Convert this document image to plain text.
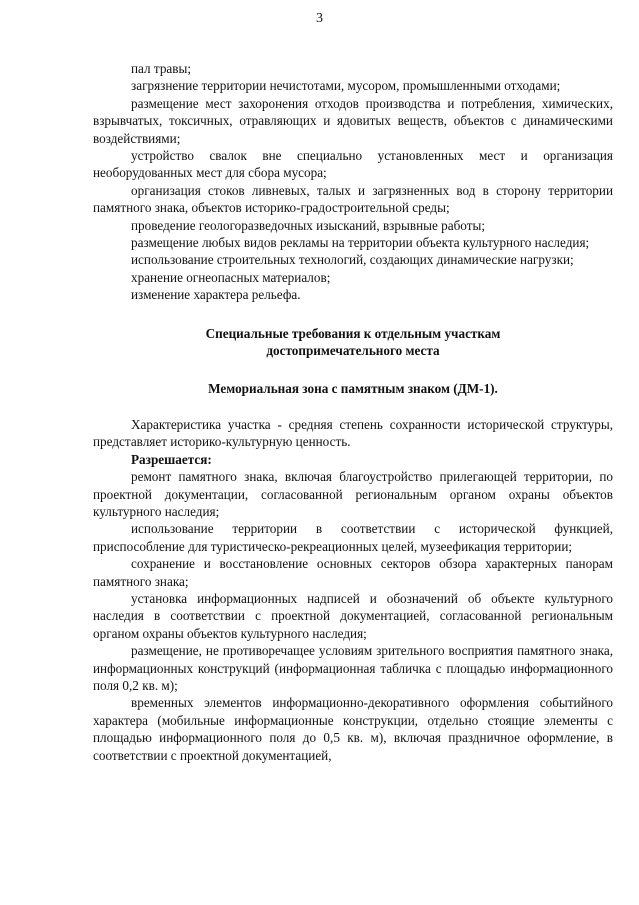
3

пал травы;

загрязнение территории нечистотами, мусором, промышленными отходами;

размещение мест захоронения отходов производства и потребления, химических, взрывчатых, токсичных, отравляющих и ядовитых веществ, объектов с динамическими воздействиями;

устройство свалок вне специально установленных мест и организация необорудованных мест для сбора мусора;

организация стоков ливневых, талых и загрязненных вод в сторону территории памятного знака, объектов историко-градостроительной среды;

проведение геологоразведочных изысканий, взрывные работы;

размещение любых видов рекламы на территории объекта культурного наследия;

использование строительных технологий, создающих динамические нагрузки;

хранение огнеопасных материалов;

изменение характера рельефа.

Специальные требования к отдельным участкам
достопримечательного места
Мемориальная зона с памятным знаком (ДМ-1).

Характеристика участка - средняя степень сохранности исторической структуры, представляет историко-культурную ценность.

Разрешается:

ремонт памятного знака, включая благоустройство прилегающей территории, по проектной документации, согласованной региональным органом охраны объектов культурного наследия;

использование территории в соответствии с исторической функцией, приспособление для туристическо-рекреационных целей, музеефикация территории;

сохранение и восстановление основных секторов обзора характерных панорам памятного знака;

установка информационных надписей и обозначений об объекте культурного наследия в соответствии с проектной документацией, согласованной региональным органом охраны объектов культурного наследия;

размещение, не противоречащее условиям зрительного восприятия памятного знака, информационных конструкций (информационная табличка с площадью информационного поля 0,2 кв. м);

временных элементов информационно-декоративного оформления событийного характера (мобильные информационные конструкции, отдельно стоящие элементы с площадью информационного поля до 0,5 кв. м), включая праздничное оформление, в соответствии с проектной документацией,
